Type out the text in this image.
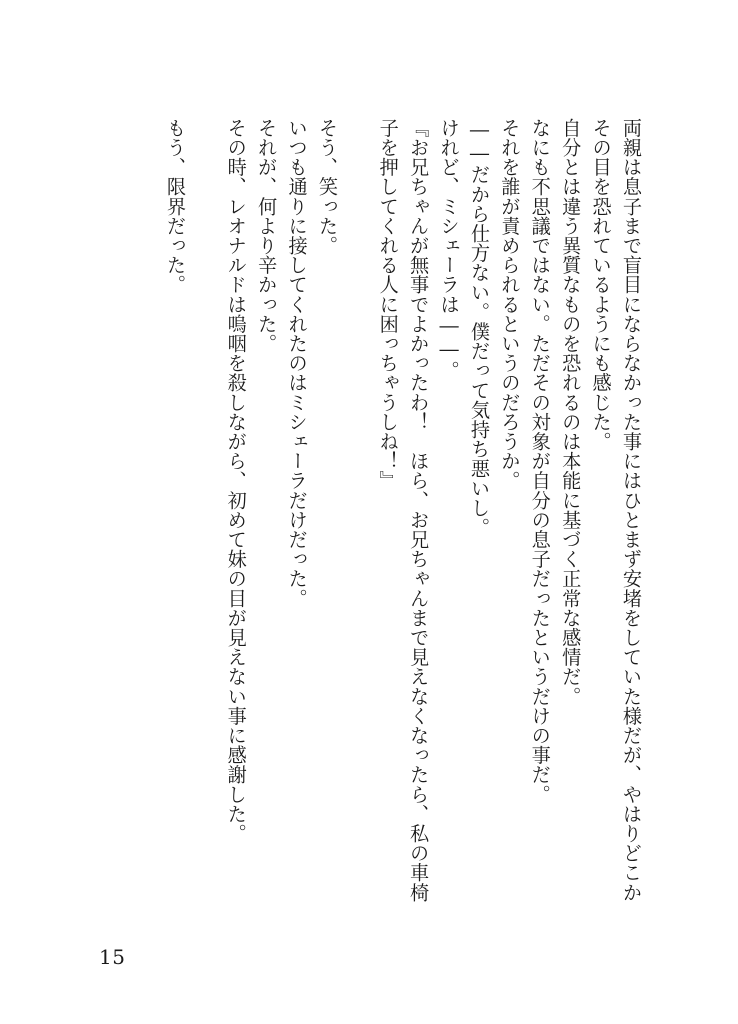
両親は息子まで盲目にならなかった事にはひとまず安堵をしていた様だが、やはりどこか
その目を恐れているようにも感じた。
自分とは違う異質なものを恐れるのは本能に基づく正常な感情だ。
なにも不思議ではない。ただその対象が自分の息子だったというだけの事だ。
それを誰が責められるというのだろうか。
――だから仕方ない。僕だって気持ち悪いし。
けれど、ミシェーラは――。
『お兄ちゃんが無事でよかったわ！　ほら、お兄ちゃんまで見えなくなったら、私の車椅
子を押してくれる人に困っちゃうしね！』
そう、笑った。
いつも通りに接してくれたのはミシェーラだけだった。
それが、何より辛かった。
その時、レオナルドは嗚咽を殺しながら、初めて妹の目が見えない事に感謝した。
もう、限界だった。
15
